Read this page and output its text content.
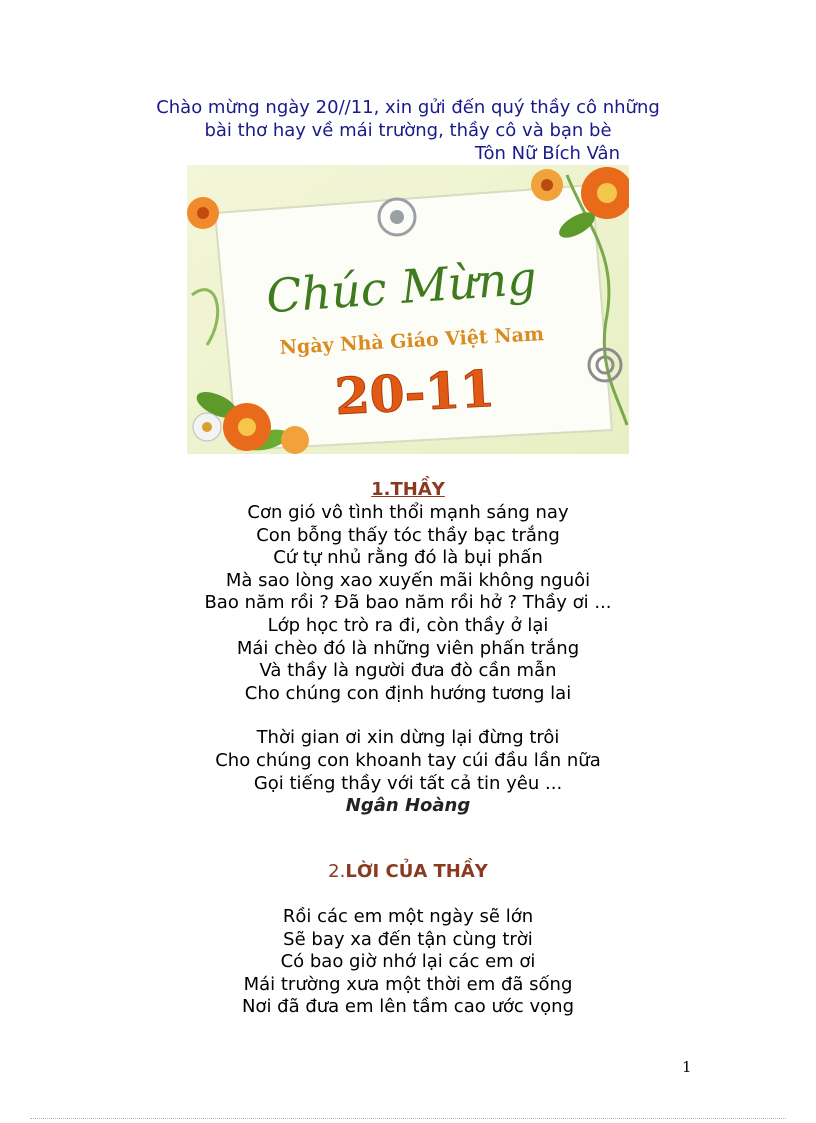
Chào mừng ngày 20//11, xin gửi đến quý thầy cô những
bài thơ hay về mái trường, thầy cô và bạn bè
Tôn Nữ Bích Vân
Chúc Mừng
Ngày Nhà Giáo Việt Nam
20-11
1.THẦY
Cơn gió vô tình thổi mạnh sáng nay
Con bỗng thấy tóc thầy bạc trắng
Cứ tự nhủ rằng đó là bụi phấn
Mà sao lòng xao xuyến mãi không nguôi
Bao năm rồi ? Đã bao năm rồi hở ? Thầy ơi ...
Lớp học trò ra đi, còn thầy ở lại
Mái chèo đó là những viên phấn trắng
Và thầy là người đưa đò cần mẫn
Cho chúng con định hướng tương lai
Thời gian ơi xin dừng lại đừng trôi
Cho chúng con khoanh tay cúi đầu lần nữa
Gọi tiếng thầy với tất cả tin yêu ...
Ngân Hoàng
2.LỜI CỦA THẦY
Rồi các em một ngày sẽ lớn
Sẽ bay xa đến tận cùng trời
Có bao giờ nhớ lại các em ơi
Mái trường xưa một thời em đã sống
Nơi đã đưa em lên tầm cao ước vọng
1
